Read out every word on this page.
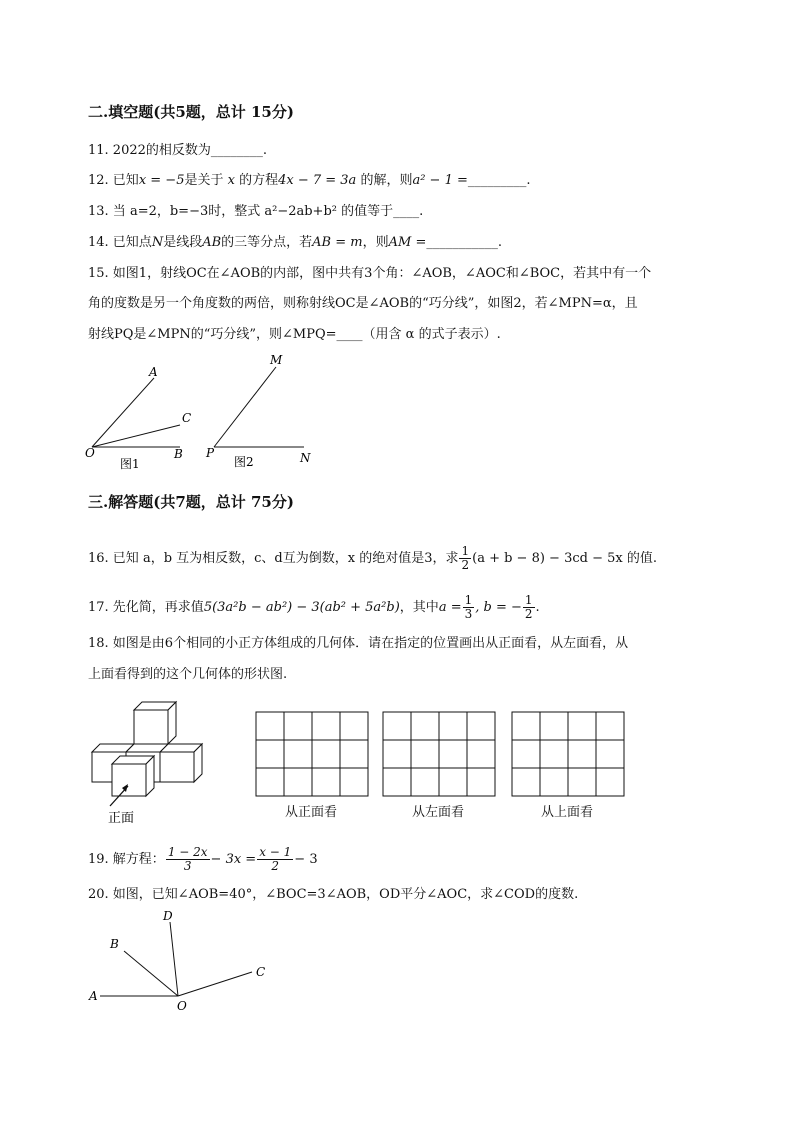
二.填空题(共5题，总计 15分)
11. 2022的相反数为________.
12. 已知x = −5是关于 x 的方程4x − 7 = 3a 的解，则a² − 1 =_________.
13. 当 a=2，b=−3时，整式 a²−2ab+b² 的值等于____.
14. 已知点N是线段AB的三等分点，若AB = m，则AM =___________.
15. 如图1，射线OC在∠AOB的内部，图中共有3个角：∠AOB，∠AOC和∠BOC，若其中有一个
角的度数是另一个角度数的两倍，则称射线OC是∠AOB的“巧分线”，如图2，若∠MPN=α，且
射线PQ是∠MPN的“巧分线”，则∠MPQ=____（用含 α 的式子表示）.
A
C
O	B
图1
M
P	N
图2
三.解答题(共7题，总计 75分)
16. 已知 a，b 互为相反数，c、d互为倒数，x 的绝对值是3，求 $\frac{1}{2} (a + b - 8) - 3cd - 5x$ 的值.
17. 先化简，再求值5(3a²b − ab²) − 3(ab² + 5a²b)，其中$a = \frac{1}{3}$ , b = − $\frac{1}{2}$ .
18. 如图是由6个相同的小正方体组成的几何体．请在指定的位置画出从正面看，从左面看，从
上面看得到的这个几何体的形状图.
正面	从正面看	从左面看	从上面看
19. 解方程： $\frac{1 - 2x}{3} - 3x = \frac{x - 1}{2} - 3$
20. 如图，已知∠AOB=40°，∠BOC=3∠AOB，OD平分∠AOC，求∠COD的度数.
D
B
C
A
O
